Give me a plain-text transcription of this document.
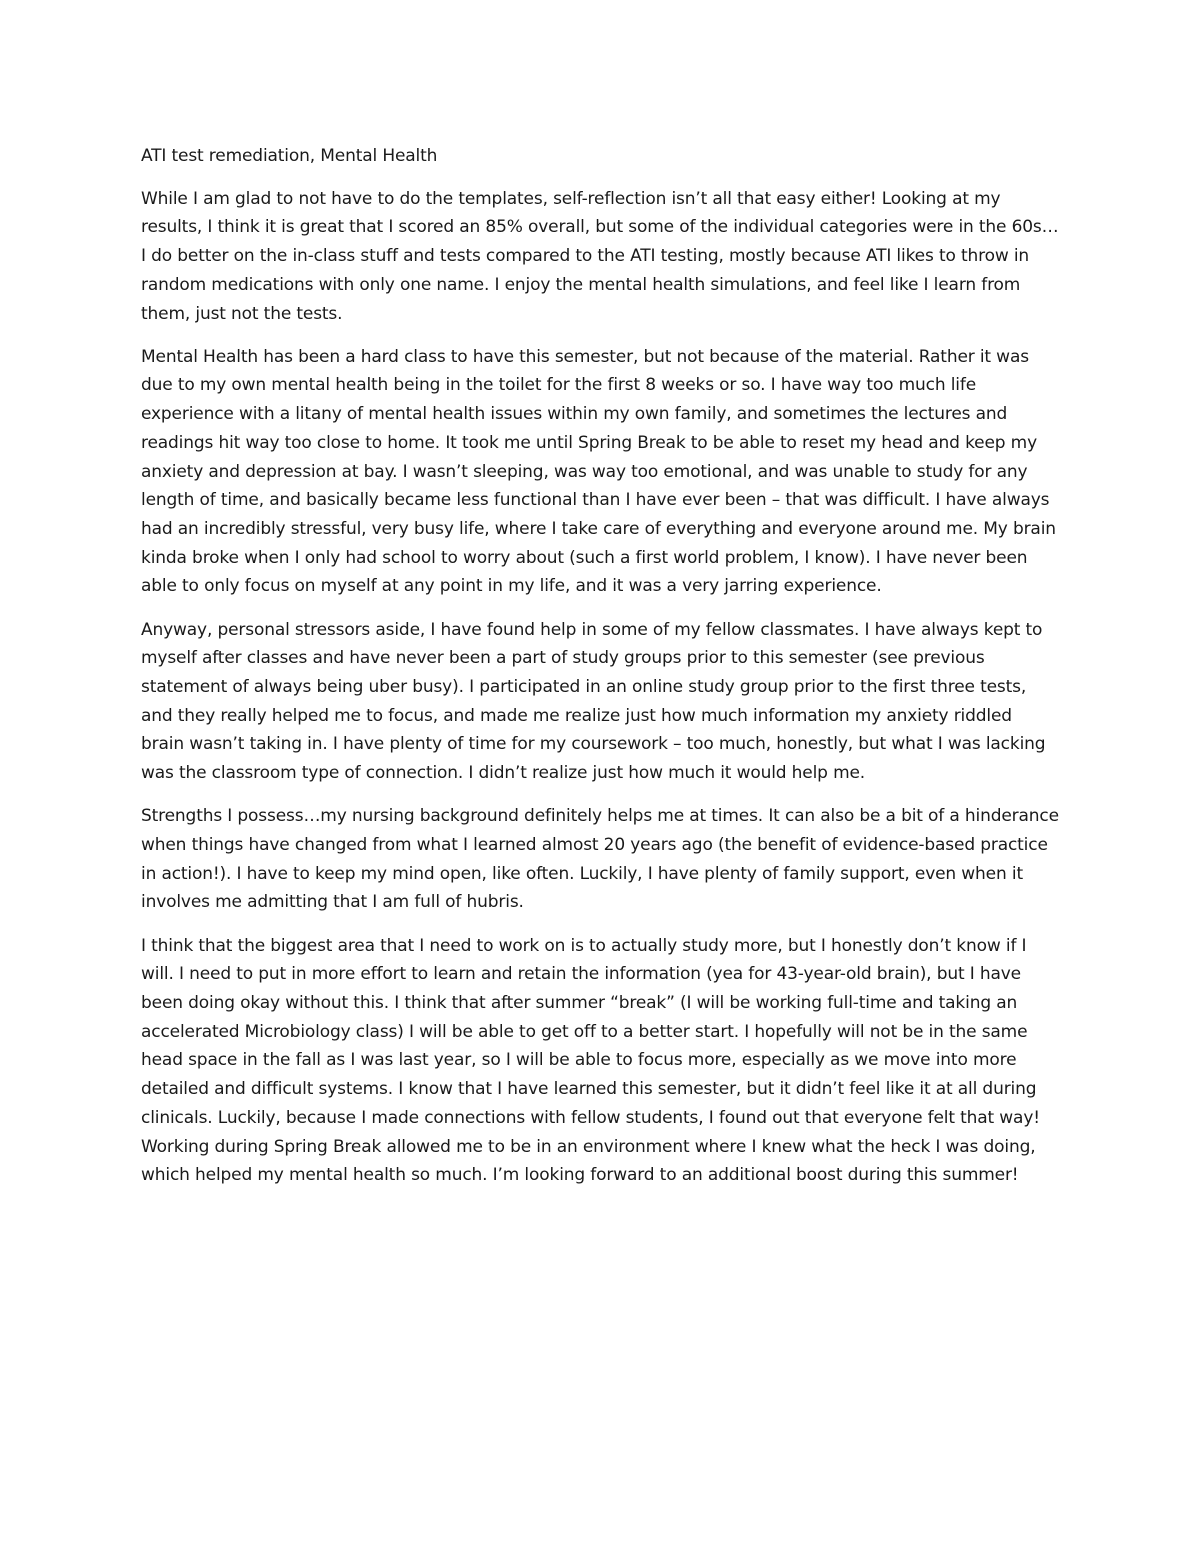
ATI test remediation, Mental Health

While I am glad to not have to do the templates, self-reflection isn’t all that easy either! Looking at my results, I think it is great that I scored an 85% overall, but some of the individual categories were in the 60s… I do better on the in-class stuff and tests compared to the ATI testing, mostly because ATI likes to throw in random medications with only one name. I enjoy the mental health simulations, and feel like I learn from them, just not the tests.

Mental Health has been a hard class to have this semester, but not because of the material. Rather it was due to my own mental health being in the toilet for the first 8 weeks or so. I have way too much life experience with a litany of mental health issues within my own family, and sometimes the lectures and readings hit way too close to home. It took me until Spring Break to be able to reset my head and keep my anxiety and depression at bay. I wasn’t sleeping, was way too emotional, and was unable to study for any length of time, and basically became less functional than I have ever been – that was difficult. I have always had an incredibly stressful, very busy life, where I take care of everything and everyone around me. My brain kinda broke when I only had school to worry about (such a first world problem, I know). I have never been able to only focus on myself at any point in my life, and it was a very jarring experience.

Anyway, personal stressors aside, I have found help in some of my fellow classmates. I have always kept to myself after classes and have never been a part of study groups prior to this semester (see previous statement of always being uber busy). I participated in an online study group prior to the first three tests, and they really helped me to focus, and made me realize just how much information my anxiety riddled brain wasn’t taking in. I have plenty of time for my coursework – too much, honestly, but what I was lacking was the classroom type of connection. I didn’t realize just how much it would help me.

Strengths I possess…my nursing background definitely helps me at times. It can also be a bit of a hinderance when things have changed from what I learned almost 20 years ago (the benefit of evidence-based practice in action!). I have to keep my mind open, like often. Luckily, I have plenty of family support, even when it involves me admitting that I am full of hubris.

I think that the biggest area that I need to work on is to actually study more, but I honestly don’t know if I will. I need to put in more effort to learn and retain the information (yea for 43-year-old brain), but I have been doing okay without this. I think that after summer “break” (I will be working full-time and taking an accelerated Microbiology class) I will be able to get off to a better start. I hopefully will not be in the same head space in the fall as I was last year, so I will be able to focus more, especially as we move into more detailed and difficult systems. I know that I have learned this semester, but it didn’t feel like it at all during clinicals. Luckily, because I made connections with fellow students, I found out that everyone felt that way! Working during Spring Break allowed me to be in an environment where I knew what the heck I was doing, which helped my mental health so much. I’m looking forward to an additional boost during this summer!
